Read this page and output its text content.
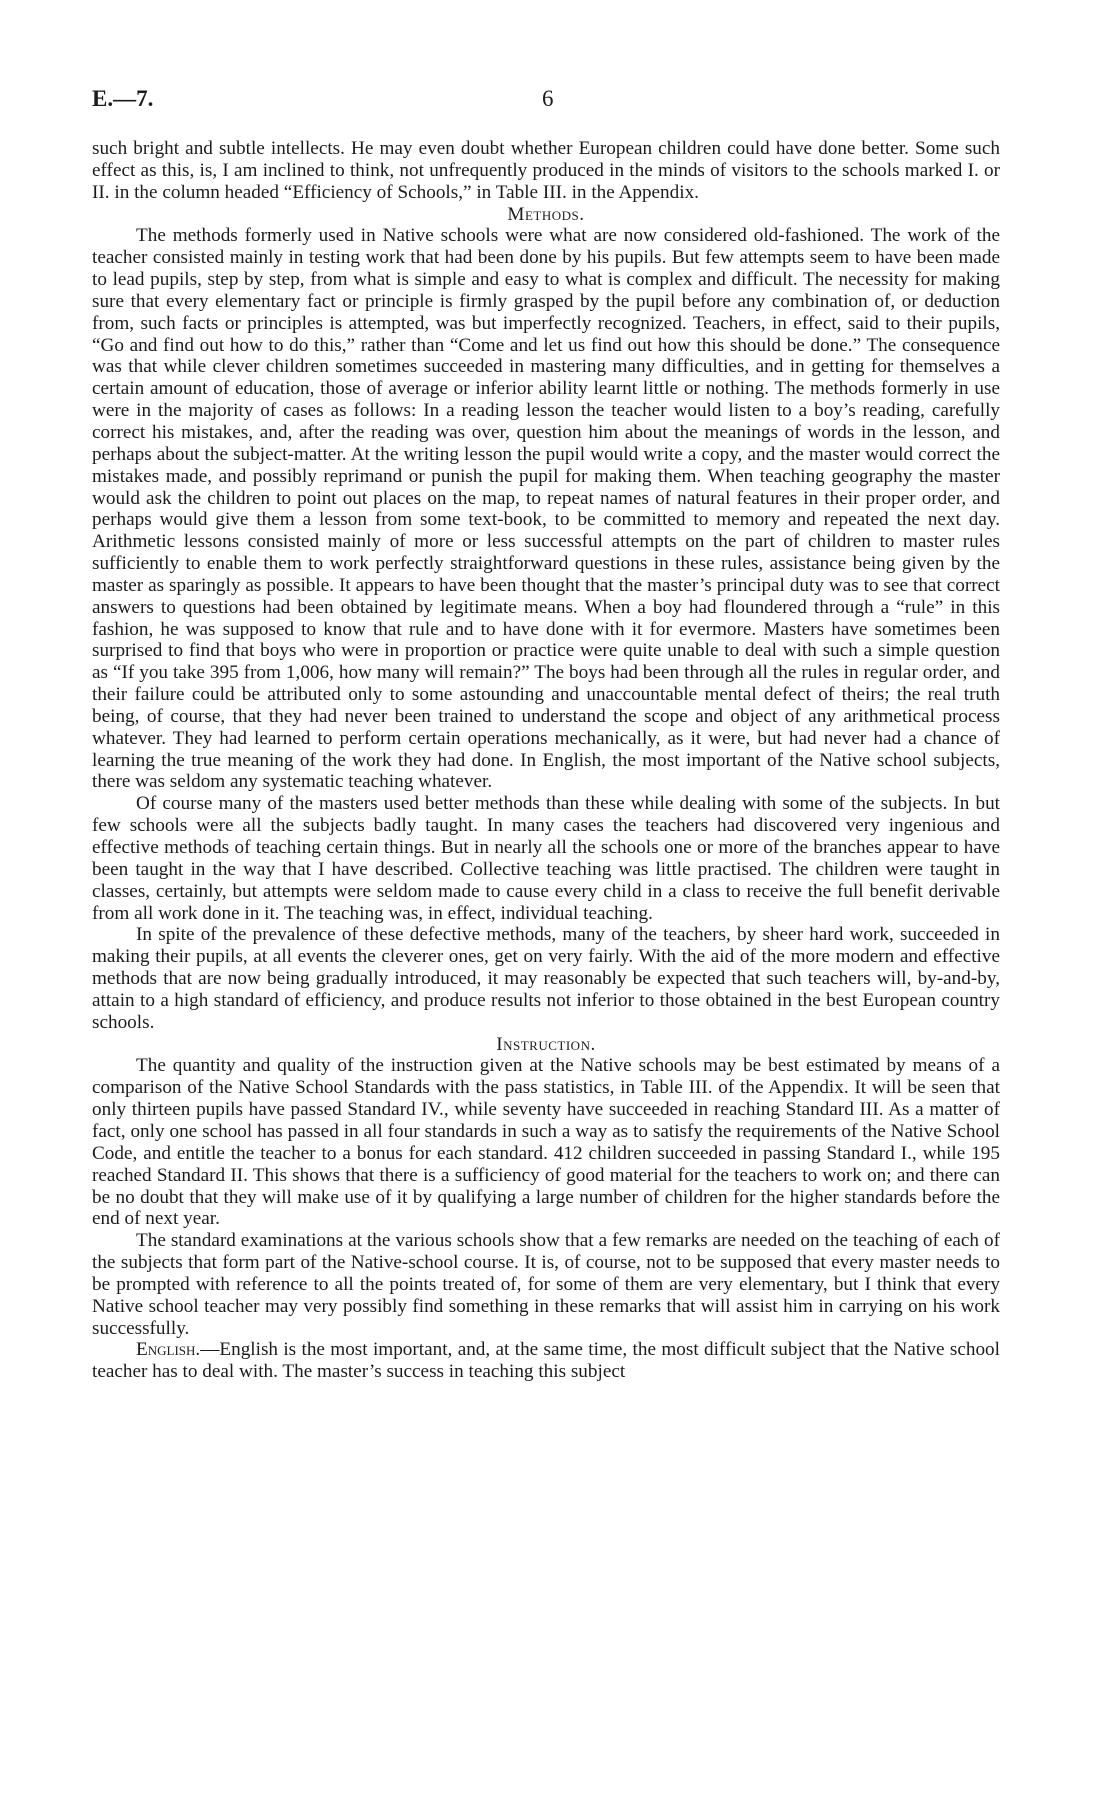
E.—7.	6

such bright and subtle intellects. He may even doubt whether European children could have done better. Some such effect as this, is, I am inclined to think, not unfrequently produced in the minds of visitors to the schools marked I. or II. in the column headed “Efficiency of Schools,” in Table III. in the Appendix.

Methods.

The methods formerly used in Native schools were what are now considered old-fashioned. The work of the teacher consisted mainly in testing work that had been done by his pupils. But few attempts seem to have been made to lead pupils, step by step, from what is simple and easy to what is complex and difficult. The necessity for making sure that every elementary fact or principle is firmly grasped by the pupil before any combination of, or deduction from, such facts or principles is attempted, was but imperfectly recognized. Teachers, in effect, said to their pupils, “Go and find out how to do this,” rather than “Come and let us find out how this should be done.” The consequence was that while clever children sometimes succeeded in mastering many difficulties, and in getting for themselves a certain amount of education, those of average or inferior ability learnt little or nothing. The methods formerly in use were in the majority of cases as follows: In a reading lesson the teacher would listen to a boy’s reading, carefully correct his mistakes, and, after the reading was over, question him about the meanings of words in the lesson, and perhaps about the subject-matter. At the writing lesson the pupil would write a copy, and the master would correct the mistakes made, and possibly reprimand or punish the pupil for making them. When teaching geography the master would ask the children to point out places on the map, to repeat names of natural features in their proper order, and perhaps would give them a lesson from some text-book, to be committed to memory and repeated the next day. Arithmetic lessons consisted mainly of more or less successful attempts on the part of children to master rules sufficiently to enable them to work perfectly straightforward questions in these rules, assistance being given by the master as sparingly as possible. It appears to have been thought that the master’s principal duty was to see that correct answers to questions had been obtained by legitimate means. When a boy had floundered through a “rule” in this fashion, he was supposed to know that rule and to have done with it for evermore. Masters have sometimes been surprised to find that boys who were in proportion or practice were quite unable to deal with such a simple question as “If you take 395 from 1,006, how many will remain?” The boys had been through all the rules in regular order, and their failure could be attributed only to some astounding and unaccountable mental defect of theirs; the real truth being, of course, that they had never been trained to understand the scope and object of any arithmetical process whatever. They had learned to perform certain operations mechanically, as it were, but had never had a chance of learning the true meaning of the work they had done. In English, the most important of the Native school subjects, there was seldom any systematic teaching whatever.

Of course many of the masters used better methods than these while dealing with some of the subjects. In but few schools were all the subjects badly taught. In many cases the teachers had discovered very ingenious and effective methods of teaching certain things. But in nearly all the schools one or more of the branches appear to have been taught in the way that I have described. Collective teaching was little practised. The children were taught in classes, certainly, but attempts were seldom made to cause every child in a class to receive the full benefit derivable from all work done in it. The teaching was, in effect, individual teaching.

In spite of the prevalence of these defective methods, many of the teachers, by sheer hard work, succeeded in making their pupils, at all events the cleverer ones, get on very fairly. With the aid of the more modern and effective methods that are now being gradually introduced, it may reasonably be expected that such teachers will, by-and-by, attain to a high standard of efficiency, and produce results not inferior to those obtained in the best European country schools.

Instruction.

The quantity and quality of the instruction given at the Native schools may be best estimated by means of a comparison of the Native School Standards with the pass statistics, in Table III. of the Appendix. It will be seen that only thirteen pupils have passed Standard IV., while seventy have succeeded in reaching Standard III. As a matter of fact, only one school has passed in all four standards in such a way as to satisfy the requirements of the Native School Code, and entitle the teacher to a bonus for each standard. 412 children succeeded in passing Standard I., while 195 reached Standard II. This shows that there is a sufficiency of good material for the teachers to work on; and there can be no doubt that they will make use of it by qualifying a large number of children for the higher standards before the end of next year.

The standard examinations at the various schools show that a few remarks are needed on the teaching of each of the subjects that form part of the Native-school course. It is, of course, not to be supposed that every master needs to be prompted with reference to all the points treated of, for some of them are very elementary, but I think that every Native school teacher may very possibly find something in these remarks that will assist him in carrying on his work successfully.

English.—English is the most important, and, at the same time, the most difficult subject that the Native school teacher has to deal with. The master’s success in teaching this subject
